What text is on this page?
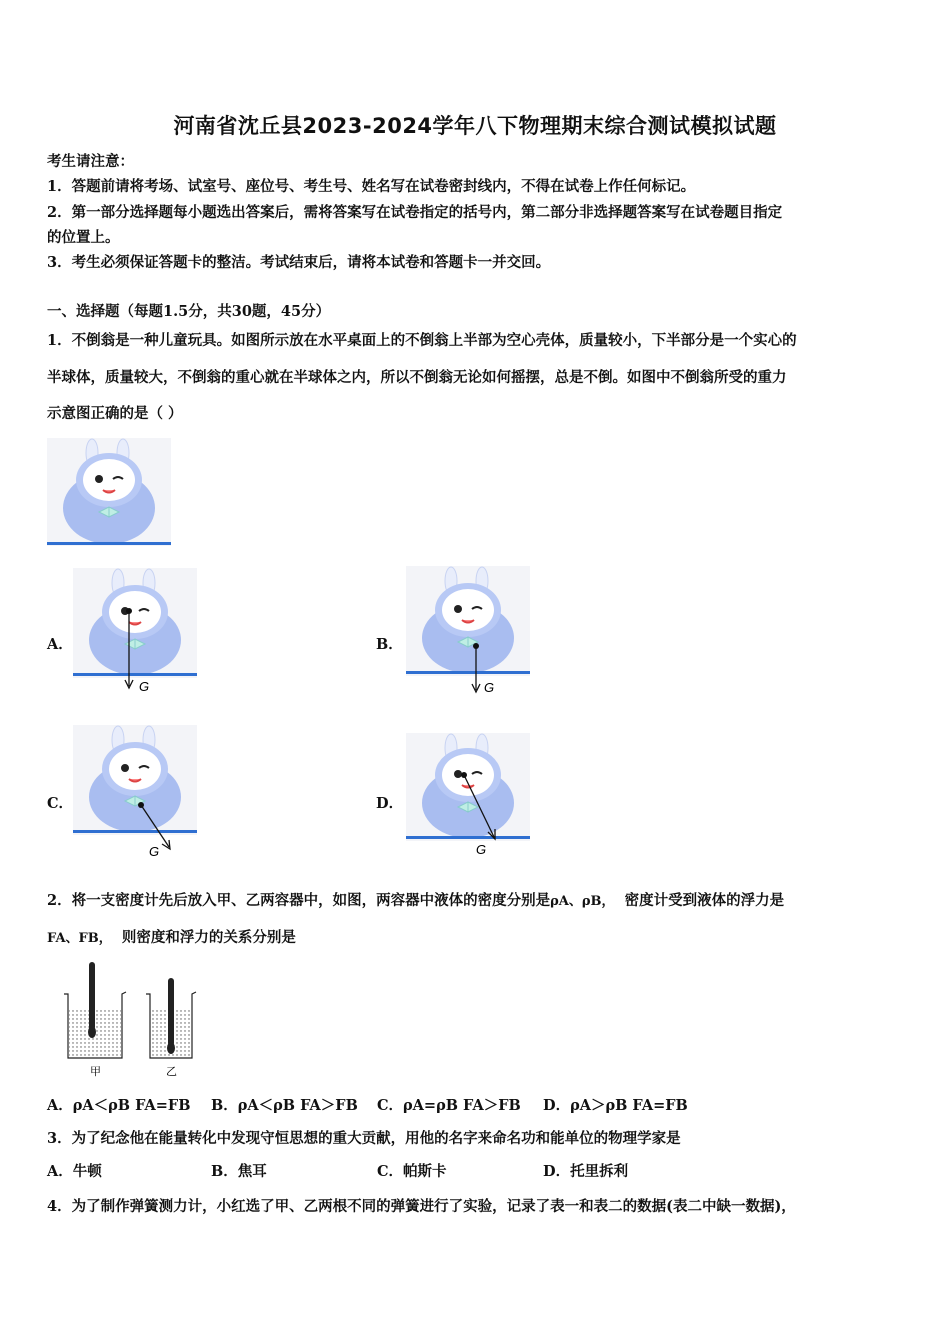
河南省沈丘县2023-2024学年八下物理期末综合测试模拟试题
考生请注意：
1．答题前请将考场、试室号、座位号、考生号、姓名写在试卷密封线内，不得在试卷上作任何标记。
2．第一部分选择题每小题选出答案后，需将答案写在试卷指定的括号内，第二部分非选择题答案写在试卷题目指定
的位置上。
3．考生必须保证答题卡的整洁。考试结束后，请将本试卷和答题卡一并交回。
一、选择题（每题1.5分，共30题，45分）
1．不倒翁是一种儿童玩具。如图所示放在水平桌面上的不倒翁上半部为空心壳体，质量较小，下半部分是一个实心的
半球体，质量较大，不倒翁的重心就在半球体之内，所以不倒翁无论如何摇摆，总是不倒。如图中不倒翁所受的重力
示意图正确的是（ ）
A．
G
B．
G
C．
G
D．
G
2．将一支密度计先后放入甲、乙两容器中，如图，两容器中液体的密度分别是ρA、ρB， 密度计受到液体的浮力是
FA、FB， 则密度和浮力的关系分别是
甲	乙
A．ρA＜ρB FA=FB B．ρA＜ρB FA＞FB C．ρA=ρB FA＞FB D．ρA＞ρB FA=FB
3．为了纪念他在能量转化中发现守恒思想的重大贡献，用他的名字来命名功和能单位的物理学家是
A．牛顿	B．焦耳	C．帕斯卡	D．托里拆利
4．为了制作弹簧测力计，小红选了甲、乙两根不同的弹簧进行了实验，记录了表一和表二的数据(表二中缺一数据)，
